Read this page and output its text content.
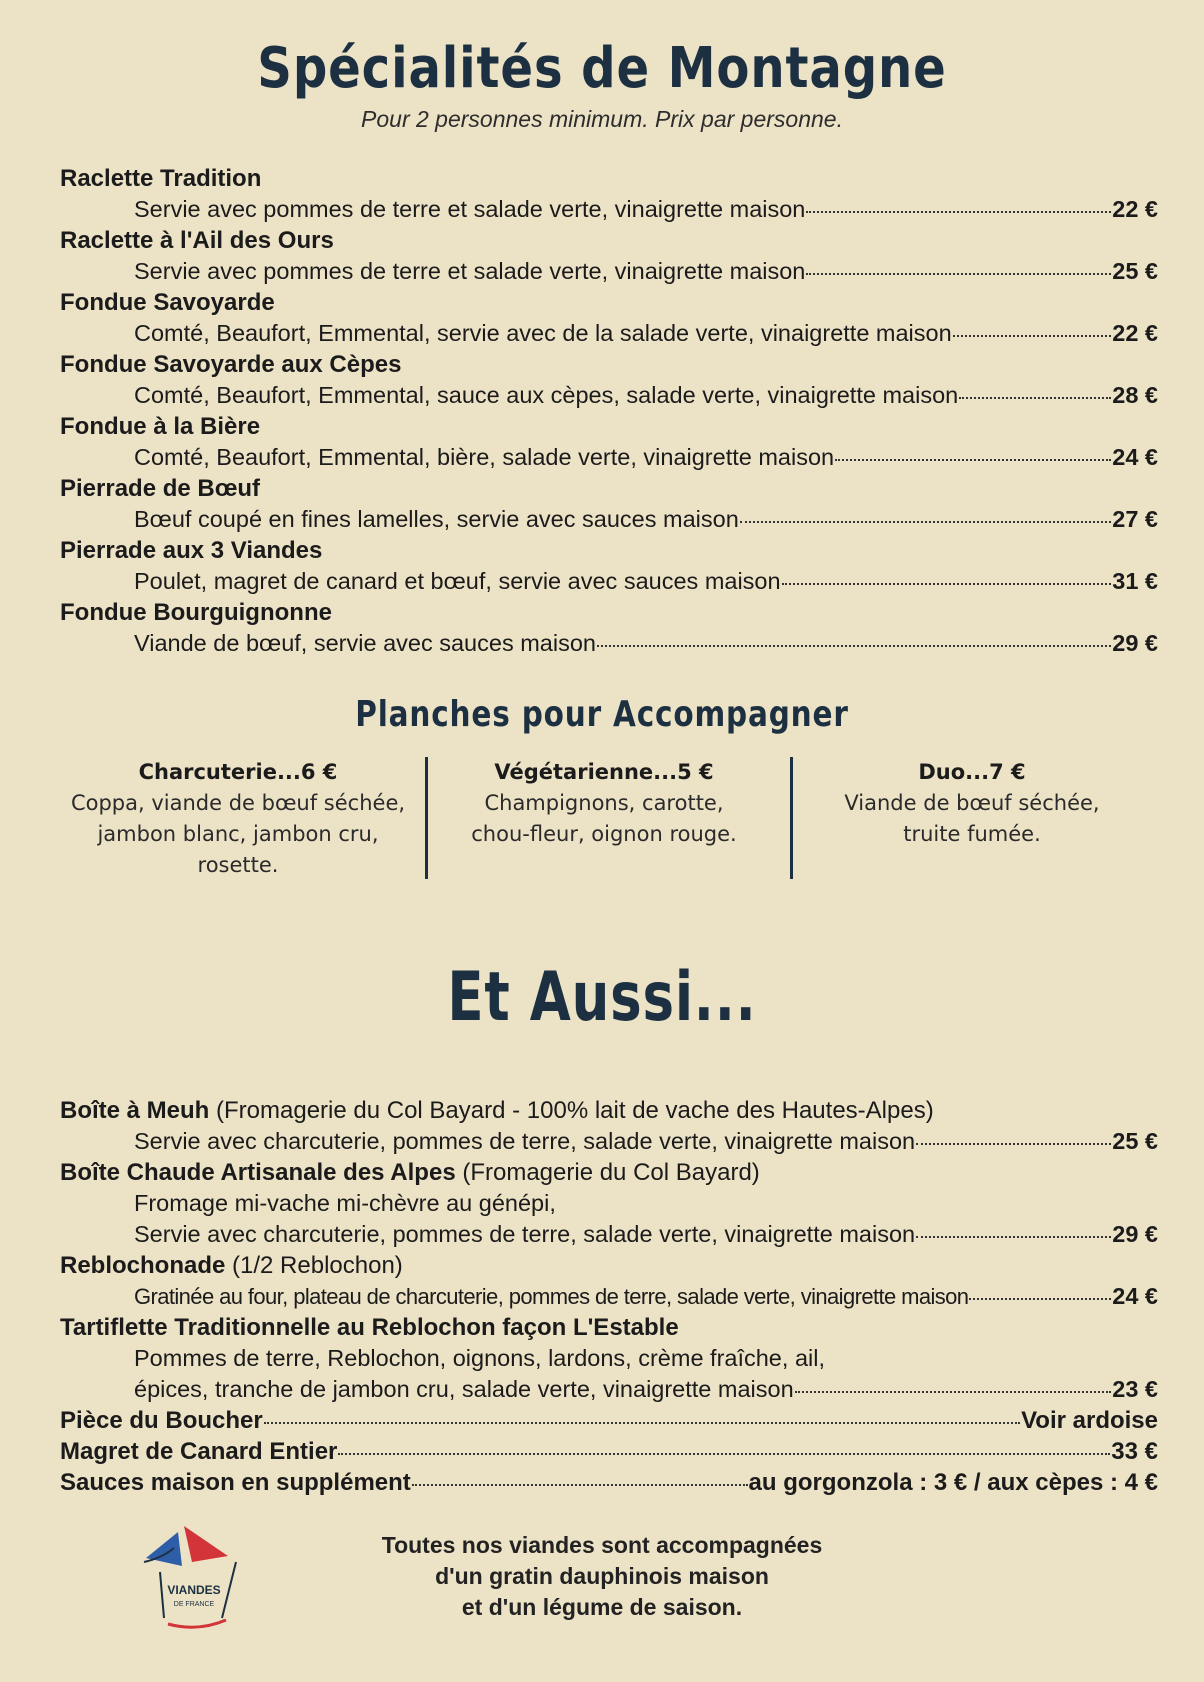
Spécialités de Montagne
Pour 2 personnes minimum. Prix par personne.
Raclette Tradition
Servie avec pommes de terre et salade verte, vinaigrette maison	22 €
Raclette à l'Ail des Ours
Servie avec pommes de terre et salade verte, vinaigrette maison	25 €
Fondue Savoyarde
Comté, Beaufort, Emmental, servie avec de la salade verte, vinaigrette maison	22 €
Fondue Savoyarde aux Cèpes
Comté, Beaufort, Emmental, sauce aux cèpes, salade verte, vinaigrette maison	28 €
Fondue à la Bière
Comté, Beaufort, Emmental, bière, salade verte, vinaigrette maison	24 €
Pierrade de Bœuf
Bœuf coupé en fines lamelles, servie avec sauces maison	27 €
Pierrade aux 3 Viandes
Poulet, magret de canard et bœuf, servie avec sauces maison	31 €
Fondue Bourguignonne
Viande de bœuf, servie avec sauces maison	29 €
Planches pour Accompagner
Charcuterie...6 €
Coppa, viande de bœuf séchée,
jambon blanc, jambon cru,
rosette.
Végétarienne...5 €
Champignons, carotte,
chou-fleur, oignon rouge.
Duo...7 €
Viande de bœuf séchée,
truite fumée.
Et Aussi...
Boîte à Meuh (Fromagerie du Col Bayard - 100% lait de vache des Hautes-Alpes)
Servie avec charcuterie, pommes de terre, salade verte, vinaigrette maison	25 €
Boîte Chaude Artisanale des Alpes (Fromagerie du Col Bayard)
Fromage mi-vache mi-chèvre au génépi,
Servie avec charcuterie, pommes de terre, salade verte, vinaigrette maison	29 €
Reblochonade (1/2 Reblochon)
Gratinée au four, plateau de charcuterie, pommes de terre, salade verte, vinaigrette maison	24 €
Tartiflette Traditionnelle au Reblochon façon L'Estable
Pommes de terre, Reblochon, oignons, lardons, crème fraîche, ail,
épices, tranche de jambon cru, salade verte, vinaigrette maison	23 €
Pièce du Boucher	Voir ardoise
Magret de Canard Entier	33 €
Sauces maison en supplément	au gorgonzola : 3 € / aux cèpes : 4 €
VIANDES
DE FRANCE
Toutes nos viandes sont accompagnées
d'un gratin dauphinois maison
et d'un légume de saison.
